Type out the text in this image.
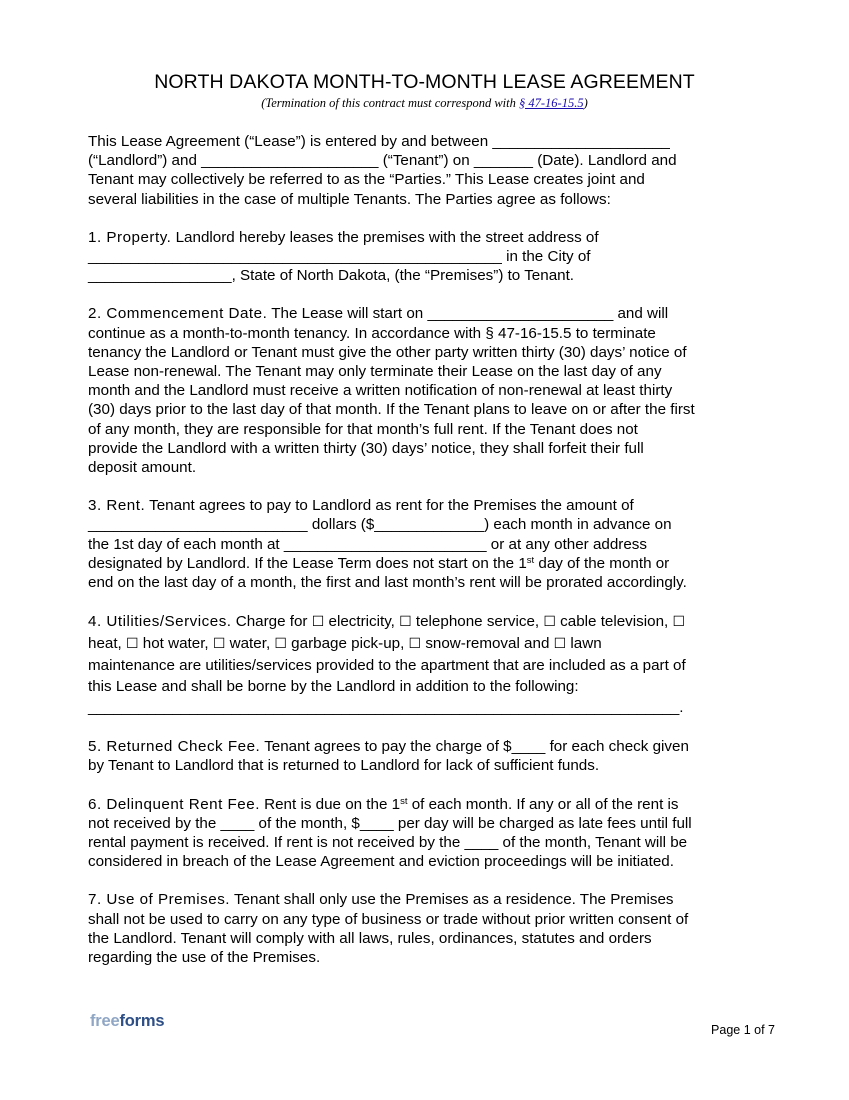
NORTH DAKOTA MONTH-TO-MONTH LEASE AGREEMENT
(Termination of this contract must correspond with § 47-16-15.5)
This Lease Agreement (“Lease”) is entered by and between _____________________
(“Landlord”) and _____________________ (“Tenant”) on _______ (Date). Landlord and
Tenant may collectively be referred to as the “Parties.” This Lease creates joint and
several liabilities in the case of multiple Tenants. The Parties agree as follows:
1. Property. Landlord hereby leases the premises with the street address of
_________________________________________________ in the City of
_________________, State of North Dakota, (the “Premises”) to Tenant.
2. Commencement Date. The Lease will start on ______________________ and will
continue as a month-to-month tenancy. In accordance with § 47-16-15.5 to terminate
tenancy the Landlord or Tenant must give the other party written thirty (30) days’ notice of
Lease non-renewal. The Tenant may only terminate their Lease on the last day of any
month and the Landlord must receive a written notification of non-renewal at least thirty
(30) days prior to the last day of that month. If the Tenant plans to leave on or after the first
of any month, they are responsible for that month’s full rent. If the Tenant does not
provide the Landlord with a written thirty (30) days’ notice, they shall forfeit their full
deposit amount.
3. Rent. Tenant agrees to pay to Landlord as rent for the Premises the amount of
__________________________ dollars ($_____________) each month in advance on
the 1st day of each month at ________________________ or at any other address
designated by Landlord. If the Lease Term does not start on the 1st day of the month or
end on the last day of a month, the first and last month’s rent will be prorated accordingly.
4. Utilities/Services. Charge for ☐ electricity, ☐ telephone service, ☐ cable television, ☐
heat, ☐ hot water, ☐ water, ☐ garbage pick-up, ☐ snow-removal and ☐ lawn
maintenance are utilities/services provided to the apartment that are included as a part of
this Lease and shall be borne by the Landlord in addition to the following:
______________________________________________________________________.
5. Returned Check Fee. Tenant agrees to pay the charge of $____ for each check given
by Tenant to Landlord that is returned to Landlord for lack of sufficient funds.
6. Delinquent Rent Fee. Rent is due on the 1st of each month. If any or all of the rent is
not received by the ____ of the month, $____ per day will be charged as late fees until full
rental payment is received. If rent is not received by the ____ of the month, Tenant will be
considered in breach of the Lease Agreement and eviction proceedings will be initiated.
7. Use of Premises. Tenant shall only use the Premises as a residence. The Premises
shall not be used to carry on any type of business or trade without prior written consent of
the Landlord. Tenant will comply with all laws, rules, ordinances, statutes and orders
regarding the use of the Premises.
freeforms	Page 1 of 7
